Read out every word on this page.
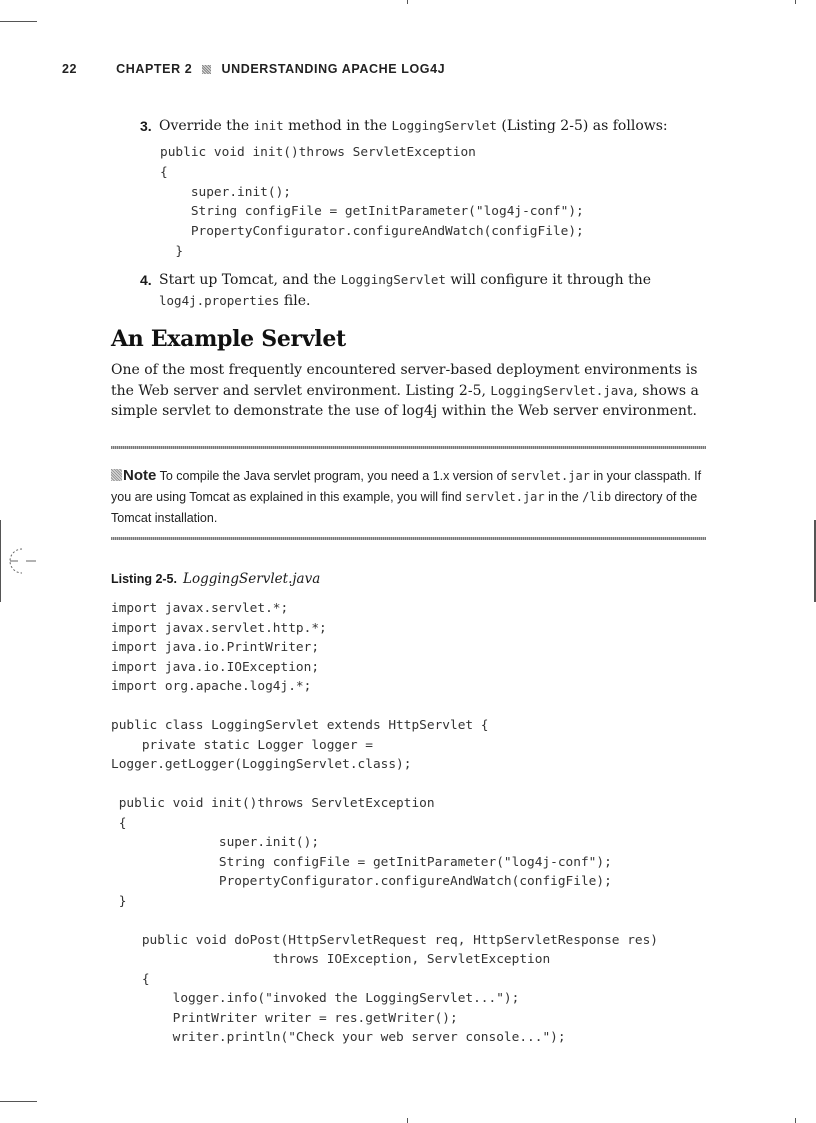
22	CHAPTER 2 UNDERSTANDING APACHE LOG4J
3. Override the init method in the LoggingServlet (Listing 2-5) as follows:
public void init()throws ServletException
{
super.init();
String configFile = getInitParameter("log4j-conf");
PropertyConfigurator.configureAndWatch(configFile);
}
4. Start up Tomcat, and the LoggingServlet will configure it through the log4j.properties file.
An Example Servlet
One of the most frequently encountered server-based deployment environments is the Web server and servlet environment. Listing 2-5, LoggingServlet.java, shows a simple servlet to demonstrate the use of log4j within the Web server environment.
Note To compile the Java servlet program, you need a 1.x version of servlet.jar in your classpath. If you are using Tomcat as explained in this example, you will find servlet.jar in the /lib directory of the Tomcat installation.
Listing 2-5. LoggingServlet.java
import javax.servlet.*;
import javax.servlet.http.*;
import java.io.PrintWriter;
import java.io.IOException;
import org.apache.log4j.*;

public class LoggingServlet extends HttpServlet {
private static Logger logger =
Logger.getLogger(LoggingServlet.class);

public void init()throws ServletException
{
super.init();
String configFile = getInitParameter("log4j-conf");
PropertyConfigurator.configureAndWatch(configFile);
}

public void doPost(HttpServletRequest req, HttpServletResponse res)
throws IOException, ServletException
{
logger.info("invoked the LoggingServlet...");
PrintWriter writer = res.getWriter();
writer.println("Check your web server console...");
